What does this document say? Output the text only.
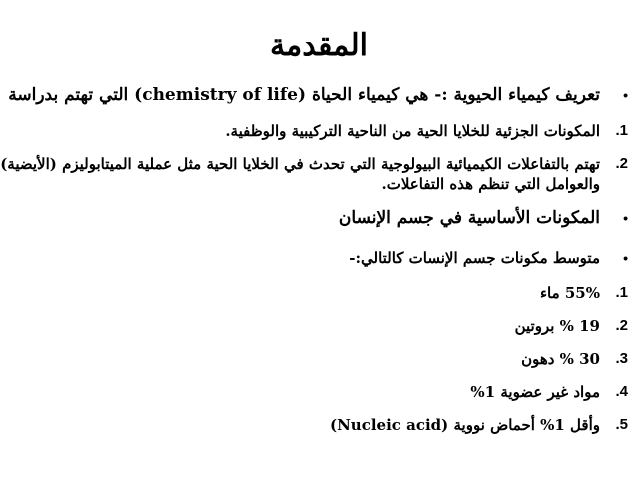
المقدمة
•
تعريف كيمياء الحيوية :- هي كيمياء الحياة (chemistry of life) التي تهتم بدراسة
1.
المكونات الجزئية للخلايا الحية من الناحية التركيبية والوظفية.
2.
تهتم بالتفاعلات الكيميائية البيولوجية التي تحدث في الخلايا الحية مثل عملية الميتابوليزم (الأيضية)
والعوامل التي تنظم هذه التفاعلات.
•
المكونات الأساسية في جسم الإنسان
•
متوسط مكونات جسم الإنسات كالتالي:-
1.
55% ماء
2.
19 % بروتين
3.
30 % دهون
4.
مواد غير عضوية 1%
5.
وأقل 1% أحماض نووية (Nucleic acid)
